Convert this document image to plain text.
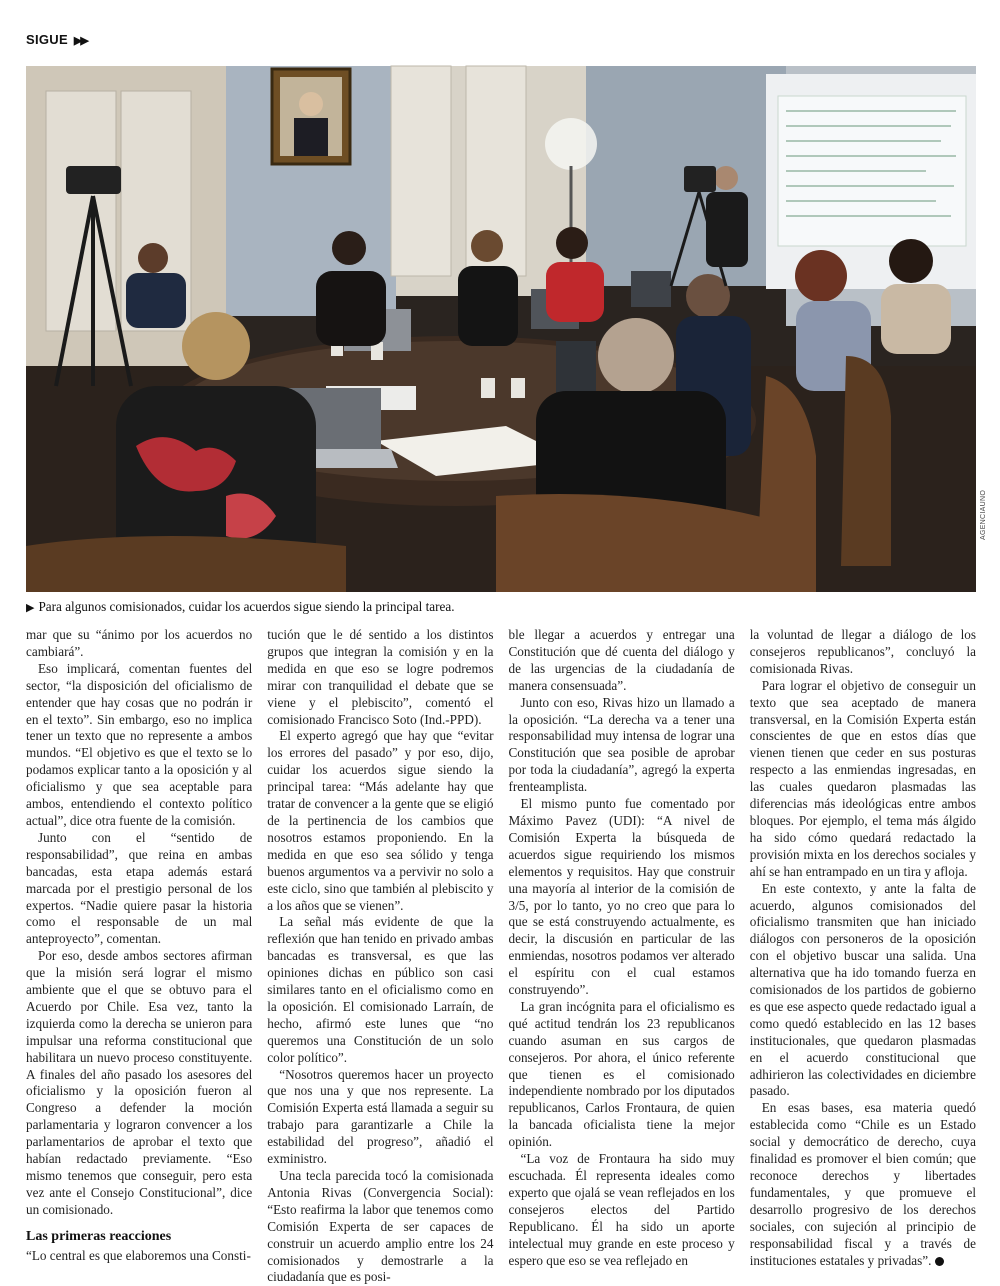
SIGUE ▶▶
AGENCIAUNO
▶ Para algunos comisionados, cuidar los acuerdos sigue siendo la principal tarea.

mar que su “ánimo por los acuerdos no cambiará”.

Eso implicará, comentan fuentes del sector, “la disposición del oficialismo de entender que hay cosas que no podrán ir en el texto”. Sin embargo, eso no implica tener un texto que no represente a ambos mundos. “El objetivo es que el texto se lo podamos explicar tanto a la oposición y al oficialismo y que sea aceptable para ambos, entendiendo el contexto político actual”, dice otra fuente de la comisión.

Junto con el “sentido de responsabilidad”, que reina en ambas bancadas, esta etapa además estará marcada por el prestigio personal de los expertos. “Nadie quiere pasar la historia como el responsable de un mal anteproyecto”, comentan.

Por eso, desde ambos sectores afirman que la misión será lograr el mismo ambiente que el que se obtuvo para el Acuerdo por Chile. Esa vez, tanto la izquierda como la derecha se unieron para impulsar una reforma constitucional que habilitara un nuevo proceso constituyente. A finales del año pasado los asesores del oficialismo y la oposición fueron al Congreso a defender la moción parlamentaria y lograron convencer a los parlamentarios de aprobar el texto que habían redactado previamente. “Eso mismo tenemos que conseguir, pero esta vez ante el Consejo Constitucional”, dice un comisionado.

Las primeras reacciones

“Lo central es que elaboremos una Consti-

tución que le dé sentido a los distintos grupos que integran la comisión y en la medida en que eso se logre podremos mirar con tranquilidad el debate que se viene y el plebiscito”, comentó el comisionado Francisco Soto (Ind.-PPD).

El experto agregó que hay que “evitar los errores del pasado” y por eso, dijo, cuidar los acuerdos sigue siendo la principal tarea: “Más adelante hay que tratar de convencer a la gente que se eligió de la pertinencia de los cambios que nosotros estamos proponiendo. En la medida en que eso sea sólido y tenga buenos argumentos va a pervivir no solo a este ciclo, sino que también al plebiscito y a los años que se vienen”.

La señal más evidente de que la reflexión que han tenido en privado ambas bancadas es transversal, es que las opiniones dichas en público son casi similares tanto en el oficialismo como en la oposición. El comisionado Larraín, de hecho, afirmó este lunes que “no queremos una Constitución de un solo color político”.

“Nosotros queremos hacer un proyecto que nos una y que nos represente. La Comisión Experta está llamada a seguir su trabajo para garantizarle a Chile la estabilidad del progreso”, añadió el exministro.

Una tecla parecida tocó la comisionada Antonia Rivas (Convergencia Social): “Esto reafirma la labor que tenemos como Comisión Experta de ser capaces de construir un acuerdo amplio entre los 24 comisionados y demostrarle a la ciudadanía que es posi-

ble llegar a acuerdos y entregar una Constitución que dé cuenta del diálogo y de las urgencias de la ciudadanía de manera consensuada”.

Junto con eso, Rivas hizo un llamado a la oposición. “La derecha va a tener una responsabilidad muy intensa de lograr una Constitución que sea posible de aprobar por toda la ciudadanía”, agregó la experta frenteamplista.

El mismo punto fue comentado por Máximo Pavez (UDI): “A nivel de Comisión Experta la búsqueda de acuerdos sigue requiriendo los mismos elementos y requisitos. Hay que construir una mayoría al interior de la comisión de 3/5, por lo tanto, yo no creo que para lo que se está construyendo actualmente, es decir, la discusión en particular de las enmiendas, nosotros podamos ver alterado el espíritu con el cual estamos construyendo”.

La gran incógnita para el oficialismo es qué actitud tendrán los 23 republicanos cuando asuman en sus cargos de consejeros. Por ahora, el único referente que tienen es el comisionado independiente nombrado por los diputados republicanos, Carlos Frontaura, de quien la bancada oficialista tiene la mejor opinión.

“La voz de Frontaura ha sido muy escuchada. Él representa ideales como experto que ojalá se vean reflejados en los consejeros electos del Partido Republicano. Él ha sido un aporte intelectual muy grande en este proceso y espero que eso se vea reflejado en

la voluntad de llegar a diálogo de los consejeros republicanos”, concluyó la comisionada Rivas.

Para lograr el objetivo de conseguir un texto que sea aceptado de manera transversal, en la Comisión Experta están conscientes de que en estos días que vienen tienen que ceder en sus posturas respecto a las enmiendas ingresadas, en las cuales quedaron plasmadas las diferencias más ideológicas entre ambos bloques. Por ejemplo, el tema más álgido ha sido cómo quedará redactado la provisión mixta en los derechos sociales y ahí se han entrampado en un tira y afloja.

En este contexto, y ante la falta de acuerdo, algunos comisionados del oficialismo transmiten que han iniciado diálogos con personeros de la oposición con el objetivo buscar una salida. Una alternativa que ha ido tomando fuerza en comisionados de los partidos de gobierno es que ese aspecto quede redactado igual a como quedó establecido en las 12 bases institucionales, que quedaron plasmadas en el acuerdo constitucional que adhirieron las colectividades en diciembre pasado.

En esas bases, esa materia quedó establecida como “Chile es un Estado social y democrático de derecho, cuya finalidad es promover el bien común; que reconoce derechos y libertades fundamentales, y que promueve el desarrollo progresivo de los derechos sociales, con sujeción al principio de responsabilidad fiscal y a través de instituciones estatales y privadas”.
